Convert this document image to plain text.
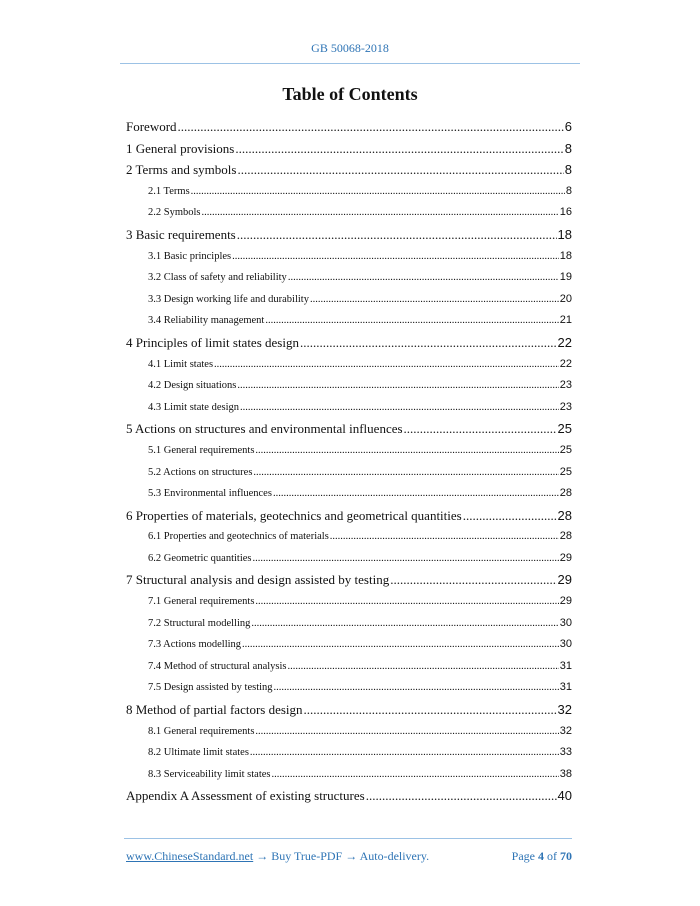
GB 50068-2018
Table of Contents
Foreword .....	6
1 General provisions .....	8
2 Terms and symbols .....	8
2.1 Terms .....	8
2.2 Symbols .....	16
3 Basic requirements .....	18
3.1 Basic principles .....	18
3.2 Class of safety and reliability .....	19
3.3 Design working life and durability .....	20
3.4 Reliability management .....	21
4 Principles of limit states design .....	22
4.1 Limit states .....	22
4.2 Design situations .....	23
4.3 Limit state design .....	23
5 Actions on structures and environmental influences .....	25
5.1 General requirements .....	25
5.2 Actions on structures .....	25
5.3 Environmental influences .....	28
6 Properties of materials, geotechnics and geometrical quantities .....	28
6.1 Properties and geotechnics of materials .....	28
6.2 Geometric quantities .....	29
7 Structural analysis and design assisted by testing .....	29
7.1 General requirements .....	29
7.2 Structural modelling .....	30
7.3 Actions modelling .....	30
7.4 Method of structural analysis .....	31
7.5 Design assisted by testing .....	31
8 Method of partial factors design .....	32
8.1 General requirements .....	32
8.2 Ultimate limit states .....	33
8.3 Serviceability limit states .....	38
Appendix A Assessment of existing structures .....	40
www.ChineseStandard.net → Buy True-PDF → Auto-delivery.	Page 4 of 70
